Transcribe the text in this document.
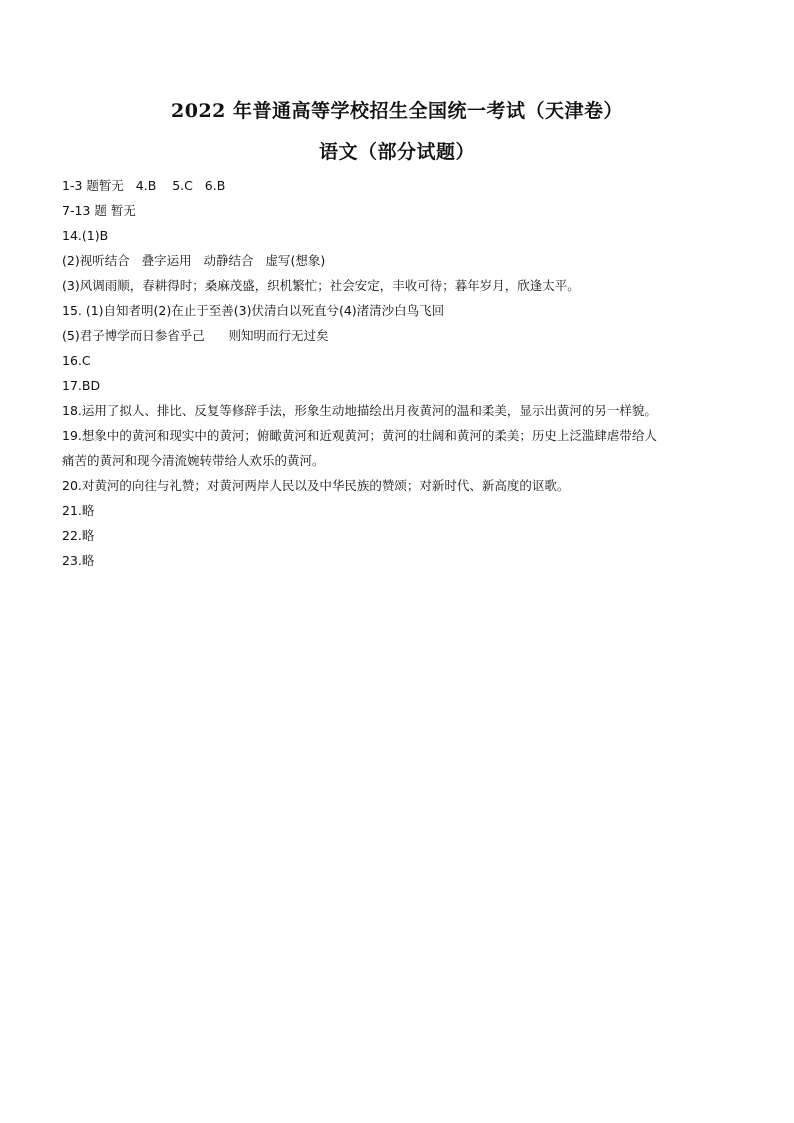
2022 年普通高等学校招生全国统一考试（天津卷）
语文（部分试题）
1-3 题暂无   4.B    5.C   6.B
7-13 题 暂无
14.(1)B
(2)视听结合   叠字运用   动静结合   虚写(想象)
(3)风调雨顺，春耕得时；桑麻茂盛，织机繁忙；社会安定，丰收可待；暮年岁月，欣逢太平。
15. (1)自知者明(2)在止于至善(3)伏清白以死直兮(4)渚清沙白鸟飞回
(5)君子博学而日参省乎己      则知明而行无过矣
16.C
17.BD
18.运用了拟人、排比、反复等修辞手法，形象生动地描绘出月夜黄河的温和柔美，显示出黄河的另一样貌。
19.想象中的黄河和现实中的黄河；俯瞰黄河和近观黄河；黄河的壮阔和黄河的柔美；历史上泛滥肆虐带给人
痛苦的黄河和现今清流婉转带给人欢乐的黄河。
20.对黄河的向往与礼赞；对黄河两岸人民以及中华民族的赞颂；对新时代、新高度的讴歌。
21.略
22.略
23.略
